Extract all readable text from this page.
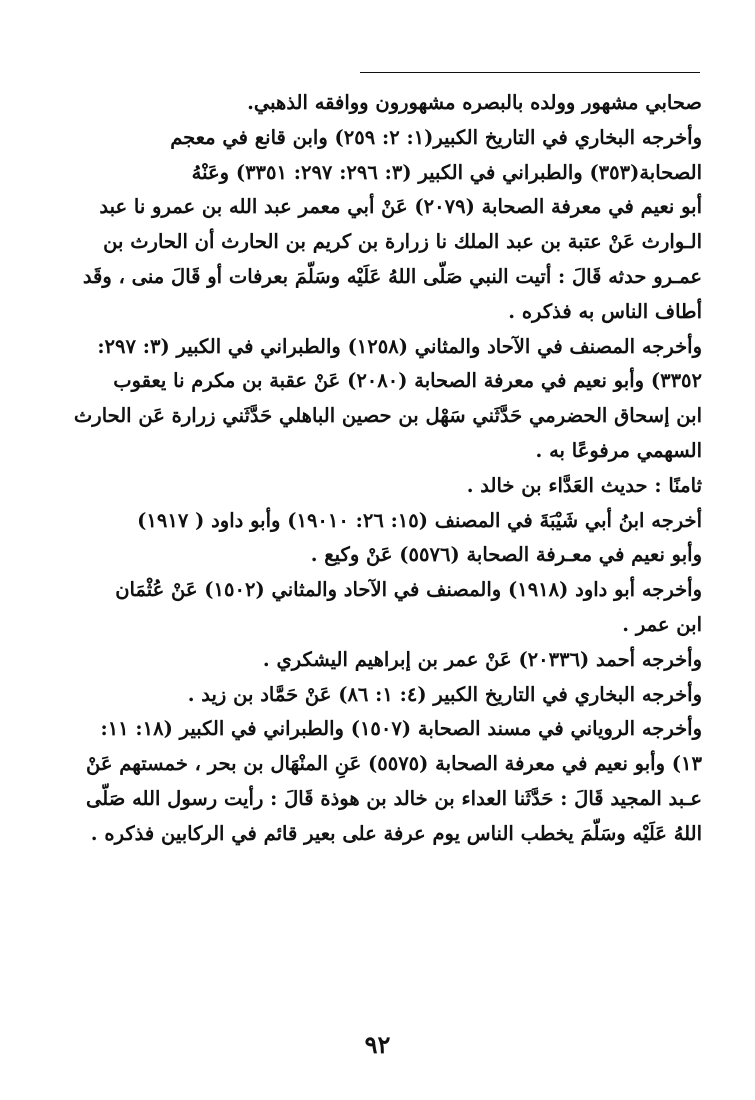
صحابي مشهور وولده بالبصره مشهورون ووافقه الذهبي.
وأخرجه البخاري في التاريخ الكبير(١: ٢: ٢٥٩) وابن قانع في معجم
الصحابة(٣٥٣) والطبراني في الكبير (٣: ٢٩٦: ٢٩٧: ٣٣٥١) وعَنْهُ
أبو نعيم في معرفة الصحابة (٢٠٧٩) عَنْ أبي معمر عبد الله بن عمرو نا عبد
الـوارث عَنْ عتبة بن عبد الملك نا زرارة بن كريم بن الحارث أن الحارث بن
عمـرو حدثه قَالَ : أتيت النبي صَلّى اللهُ عَلَيْه وسَلّمَ بعرفات أو قَالَ منى ، وقَد
أطاف الناس به فذكره .
وأخرجه المصنف في الآحاد والمثاني (١٢٥٨) والطبراني في الكبير (٣: ٢٩٧:
٣٣٥٢) وأبو نعيم في معرفة الصحابة (٢٠٨٠) عَنْ عقبة بن مكرم نا يعقوب
ابن إسحاق الحضرمي حَدَّثَني سَهْل بن حصين الباهلي حَدَّثَني زرارة عَن الحارث
السهمي مرفوعًا به .
ثامنًا : حديث العَدَّاء بن خالد .
أخرجه ابنُ أبي شَيْبَةَ في المصنف (١٥: ٢٦: ١٩٠١٠) وأبو داود ( ١٩١٧)
وأبو نعيم في معـرفة الصحابة (٥٥٧٦) عَنْ وكيع .
وأخرجه أبو داود (١٩١٨) والمصنف في الآحاد والمثاني (١٥٠٢) عَنْ عُثْمَان
ابن عمر .
وأخرجه أحمد (٢٠٣٣٦) عَنْ عمر بن إبراهيم اليشكري .
وأخرجه البخاري في التاريخ الكبير (٤: ١: ٨٦) عَنْ حَمَّاد بن زيد .
وأخرجه الروياني في مسند الصحابة (١٥٠٧) والطبراني في الكبير (١٨: ١١:
١٣) وأبو نعيم في معرفة الصحابة (٥٥٧٥) عَنِ المنْهَال بن بحر ، خمستهم عَنْ
عـبد المجيد قَالَ : حَدَّثَنا العداء بن خالد بن هوذة قَالَ : رأيت رسول الله صَلّى
اللهُ عَلَيْه وسَلّمَ يخطب الناس يوم عرفة على بعير قائم في الركابين فذكره .
٩٢
